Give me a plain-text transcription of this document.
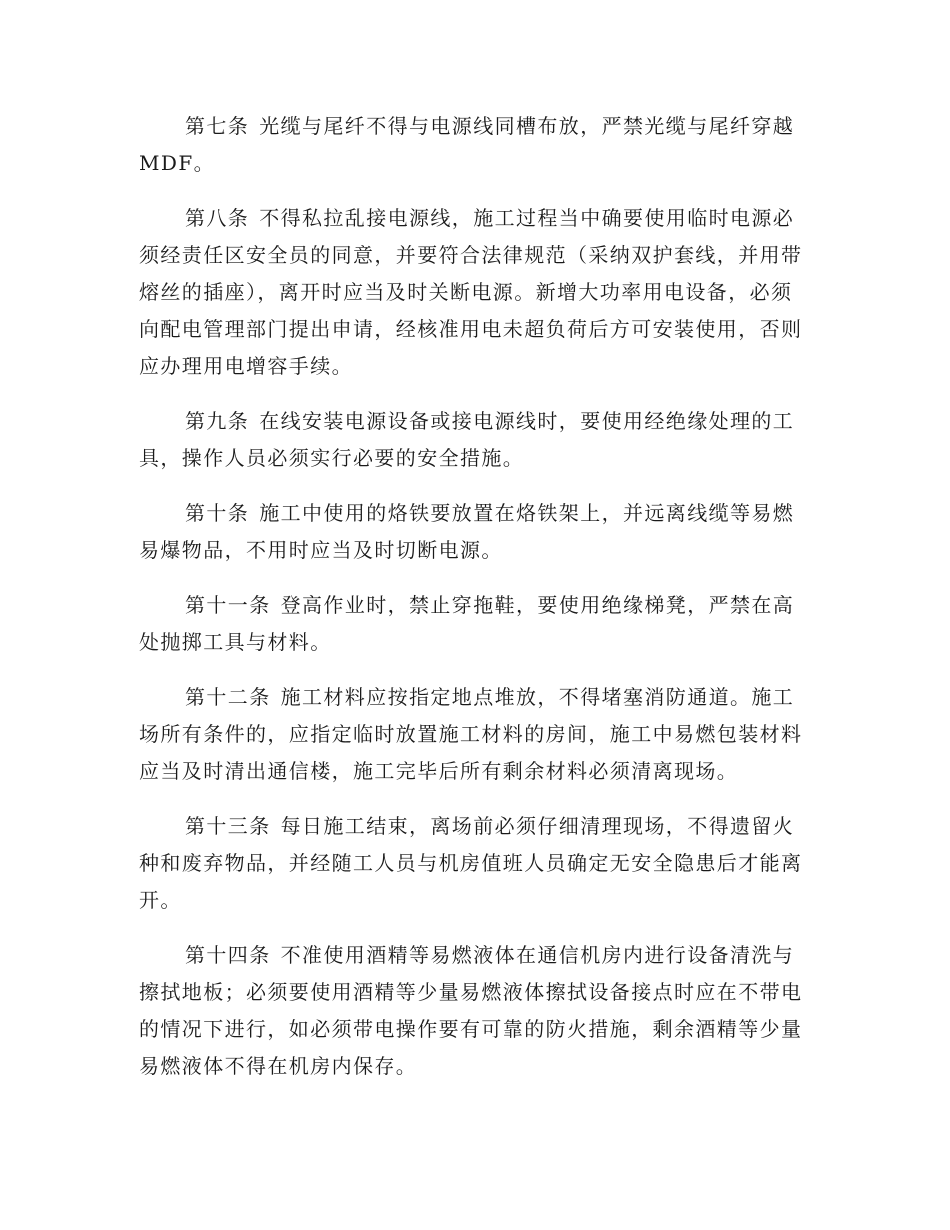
第七条 光缆与尾纤不得与电源线同槽布放，严禁光缆与尾纤穿越MDF。

第八条 不得私拉乱接电源线，施工过程当中确要使用临时电源必须经责任区安全员的同意，并要符合法律规范（采纳双护套线，并用带熔丝的插座），离开时应当及时关断电源。新增大功率用电设备，必须向配电管理部门提出申请，经核准用电未超负荷后方可安装使用，否则应办理用电增容手续。

第九条 在线安装电源设备或接电源线时，要使用经绝缘处理的工具，操作人员必须实行必要的安全措施。

第十条 施工中使用的烙铁要放置在烙铁架上，并远离线缆等易燃易爆物品，不用时应当及时切断电源。

第十一条 登高作业时，禁止穿拖鞋，要使用绝缘梯凳，严禁在高处抛掷工具与材料。

第十二条 施工材料应按指定地点堆放，不得堵塞消防通道。施工场所有条件的，应指定临时放置施工材料的房间，施工中易燃包装材料应当及时清出通信楼，施工完毕后所有剩余材料必须清离现场。

第十三条 每日施工结束，离场前必须仔细清理现场，不得遗留火种和废弃物品，并经随工人员与机房值班人员确定无安全隐患后才能离开。

第十四条 不准使用酒精等易燃液体在通信机房内进行设备清洗与擦拭地板；必须要使用酒精等少量易燃液体擦拭设备接点时应在不带电的情况下进行，如必须带电操作要有可靠的防火措施，剩余酒精等少量易燃液体不得在机房内保存。
